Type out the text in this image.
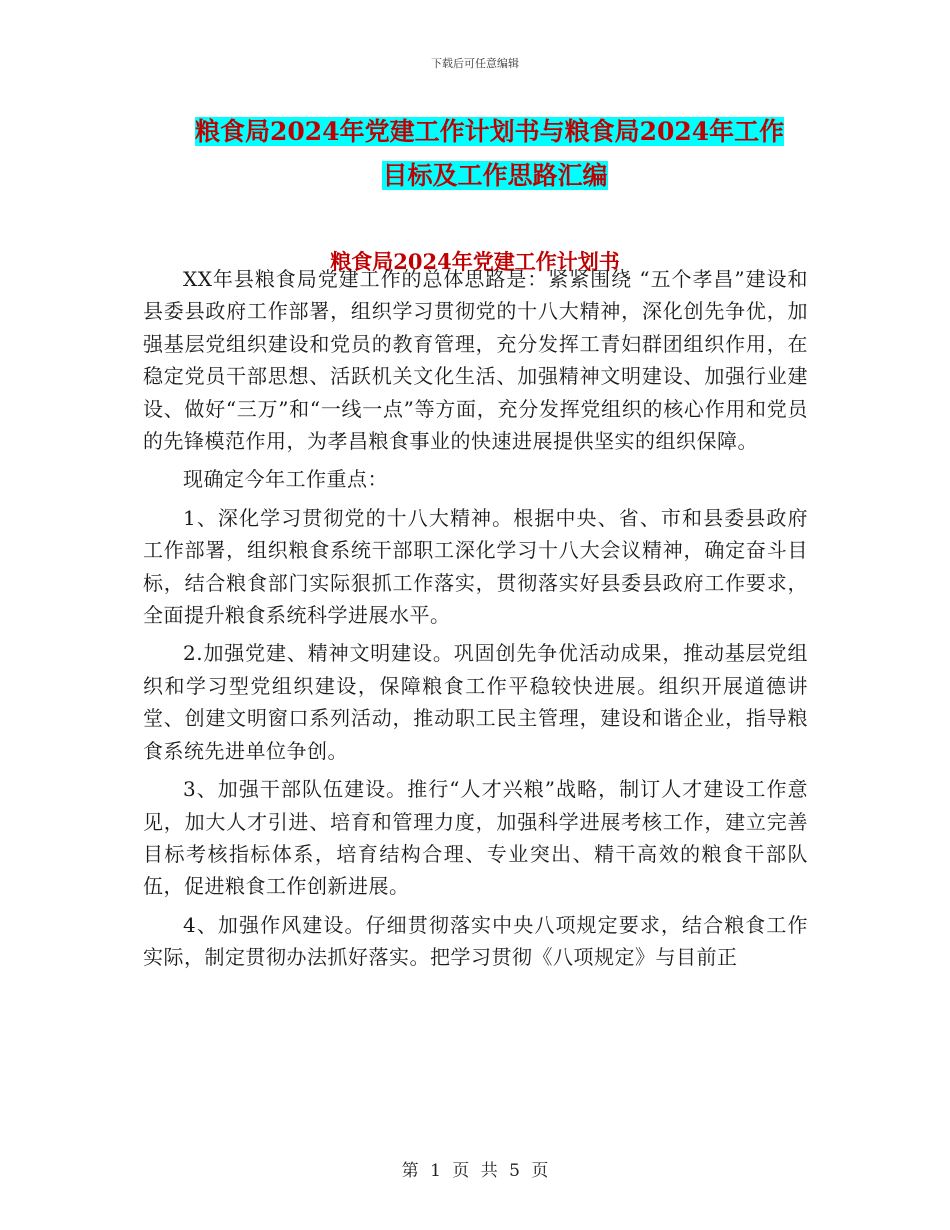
下载后可任意编辑
粮食局2024年党建工作计划书与粮食局2024年工作
目标及工作思路汇编
粮食局2024年党建工作计划书

XX年县粮食局党建工作的总体思路是：紧紧围绕 “五个孝昌”建设和县委县政府工作部署，组织学习贯彻党的十八大精神，深化创先争优，加强基层党组织建设和党员的教育管理，充分发挥工青妇群团组织作用，在稳定党员干部思想、活跃机关文化生活、加强精神文明建设、加强行业建设、做好“三万”和“一线一点”等方面，充分发挥党组织的核心作用和党员的先锋模范作用，为孝昌粮食事业的快速进展提供坚实的组织保障。

现确定今年工作重点：

1、深化学习贯彻党的十八大精神。根据中央、省、市和县委县政府工作部署，组织粮食系统干部职工深化学习十八大会议精神，确定奋斗目标，结合粮食部门实际狠抓工作落实，贯彻落实好县委县政府工作要求，全面提升粮食系统科学进展水平。

2.加强党建、精神文明建设。巩固创先争优活动成果，推动基层党组织和学习型党组织建设，保障粮食工作平稳较快进展。组织开展道德讲堂、创建文明窗口系列活动，推动职工民主管理，建设和谐企业，指导粮食系统先进单位争创。

3、加强干部队伍建设。推行“人才兴粮”战略，制订人才建设工作意见，加大人才引进、培育和管理力度，加强科学进展考核工作，建立完善目标考核指标体系，培育结构合理、专业突出、精干高效的粮食干部队伍，促进粮食工作创新进展。

4、加强作风建设。仔细贯彻落实中央八项规定要求，结合粮食工作实际，制定贯彻办法抓好落实。把学习贯彻《八项规定》与目前正

第 1 页 共 5 页
